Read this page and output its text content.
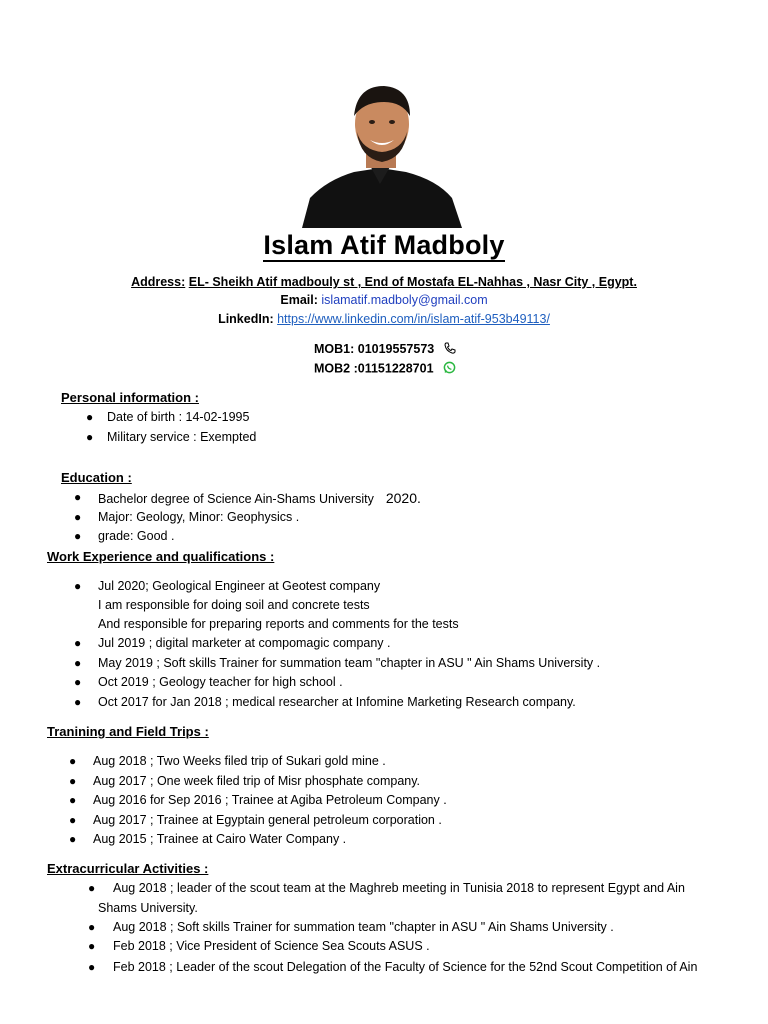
Islam Atif Madboly
Address: EL- Sheikh Atif madbouly st , End of Mostafa EL-Nahhas , Nasr City , Egypt.
Email: islamatif.madboly@gmail.com
LinkedIn: https://www.linkedin.com/in/islam-atif-953b49113/
MOB1: 01019557573
MOB2 :01151228701
Personal information :
● Date of birth : 14-02-1995
● Military service : Exempted
Education :
● Bachelor degree of Science Ain-Shams University 2020.
● Major: Geology, Minor: Geophysics .
● grade: Good .
Work Experience and qualifications :
● Jul 2020; Geological Engineer at Geotest company
I am responsible for doing soil and concrete tests
And responsible for preparing reports and comments for the tests
● Jul 2019 ; digital marketer at compomagic company .
● May 2019 ; Soft skills Trainer for summation team "chapter in ASU " Ain Shams University .
● Oct 2019 ; Geology teacher for high school .
● Oct 2017 for Jan 2018 ; medical researcher at Infomine Marketing Research company.
Tranining and Field Trips :
● Aug 2018 ; Two Weeks filed trip of Sukari gold mine .
● Aug 2017 ; One week filed trip of Misr phosphate company.
● Aug 2016 for Sep 2016 ; Trainee at Agiba Petroleum Company .
● Aug 2017 ; Trainee at Egyptain general petroleum corporation .
● Aug 2015 ; Trainee at Cairo Water Company .
Extracurricular Activities :
● Aug 2018 ; leader of the scout team at the Maghreb meeting in Tunisia 2018 to represent Egypt and Ain
Shams University.
● Aug 2018 ; Soft skills Trainer for summation team "chapter in ASU " Ain Shams University .
● Feb 2018 ; Vice President of Science Sea Scouts ASUS .
● Feb 2018 ; Leader of the scout Delegation of the Faculty of Science for the 52nd Scout Competition of Ain
